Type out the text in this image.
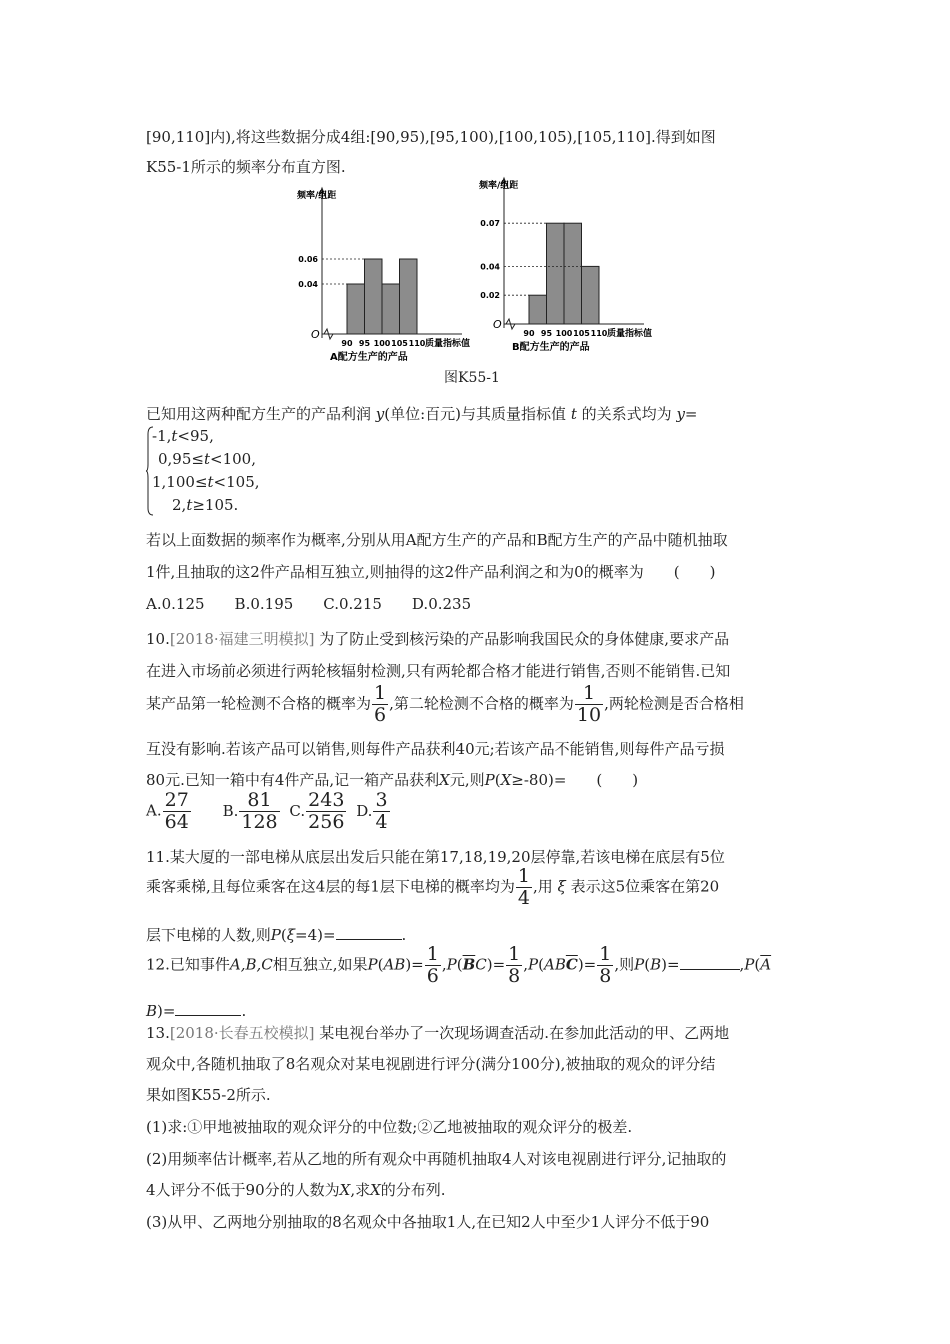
[90,110]内),将这些数据分成4组:[90,95),[95,100),[100,105),[105,110].得到如图
K55-1所示的频率分布直方图.
O
频率/组距
0.04
0.06
90 95 100 105 110 质量指标值
A配方生产的产品
O
频率/组距
0.02
0.04
0.07
90 95 100 105 110 质量指标值
B配方生产的产品
图K55-1
已知用这两种配方生产的产品利润 y(单位:百元)与其质量指标值 t 的关系式均为 y=
-1,t<95,
0,95≤t<100,
1,100≤t<105,
2,t≥105.
若以上面数据的频率作为概率,分别从用A配方生产的产品和B配方生产的产品中随机抽取
1件,且抽取的这2件产品相互独立,则抽得的这2件产品利润之和为0的概率为　　(　　)
A.0.125　　B.0.195　　C.0.215　　D.0.235
10.[2018·福建三明模拟] 为了防止受到核污染的产品影响我国民众的身体健康,要求产品
在进入市场前必须进行两轮核辐射检测,只有两轮都合格才能进行销售,否则不能销售.已知
某产品第一轮检测不合格的概率为 $\frac{1}{6}$ ,第二轮检测不合格的概率为 $\frac{1}{10}$ ,两轮检测是否合格相
互没有影响.若该产品可以销售,则每件产品获利40元;若该产品不能销售,则每件产品亏损
80元.已知一箱中有4件产品,记一箱产品获利X元,则P(X≥-80)=　　(　　)
A. $\frac{27}{64} B$. $\frac{81}{128} C$. $\frac{243}{256} D$. $\frac{3}{4}$
11.某大厦的一部电梯从底层出发后只能在第17,18,19,20层停靠,若该电梯在底层有5位
乘客乘梯,且每位乘客在这4层的每1层下电梯的概率均为 $\frac{1}{4}$ ,用 ξ 表示这5位乘客在第20
层下电梯的人数,则P(ξ=4)=	.
12.已知事件A,B,C相互独立,如果$P(AB)= \frac{1}{6} ,P(\overline{B}C)= \frac{1}{8} ,P(AB\overline{C})= \frac{1}{8}$ ,则P(B)=	$,P(\overline{A}$
B)=	.
13.[2018·长春五校模拟] 某电视台举办了一次现场调查活动.在参加此活动的甲、乙两地
观众中,各随机抽取了8名观众对某电视剧进行评分(满分100分),被抽取的观众的评分结
果如图K55-2所示.
(1)求:①甲地被抽取的观众评分的中位数;②乙地被抽取的观众评分的极差.
(2)用频率估计概率,若从乙地的所有观众中再随机抽取4人对该电视剧进行评分,记抽取的
4人评分不低于90分的人数为X,求X的分布列.
(3)从甲、乙两地分别抽取的8名观众中各抽取1人,在已知2人中至少1人评分不低于90
